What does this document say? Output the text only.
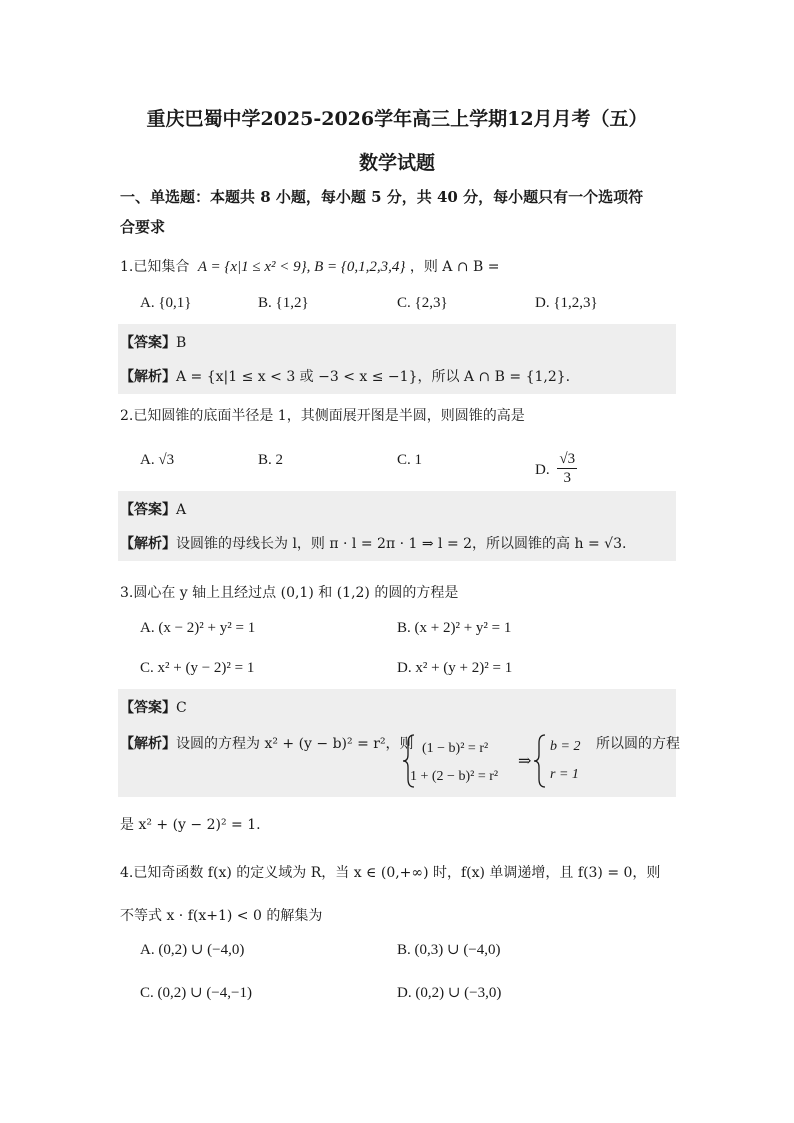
重庆巴蜀中学2025-2026学年高三上学期12月月考（五）
数学试题
一、单选题：本题共 8 小题，每小题 5 分，共 40 分，每小题只有一个选项符
合要求
1.已知集合 A = {x|1 ≤ x² < 9}, B = {0,1,2,3,4} ，则 A ∩ B =
A. {0,1}	B. {1,2}	C. {2,3}	D. {1,2,3}
【答案】B
【解析】A = {x|1 ≤ x < 3 或 −3 < x ≤ −1}，所以 A ∩ B = {1,2}.
2.已知圆锥的底面半径是 1，其侧面展开图是半圆，则圆锥的高是
A. √3	B. 2	C. 1
D. $\frac{√3}{3}$
【答案】A
【解析】设圆锥的母线长为 l，则 π · l = 2π · 1 ⇒ l = 2，所以圆锥的高 h = √3.
3.圆心在 y 轴上且经过点 (0,1) 和 (1,2) 的圆的方程是
A. (x − 2)² + y² = 1	B. (x + 2)² + y² = 1
C. x² + (y − 2)² = 1	D. x² + (y + 2)² = 1
【答案】C
【解析】设圆的方程为 x² + (y − b)² = r²，则 (1 − b)² = r²
1 + (2 − b)² = r²
⇒
b = 2
r = 1
所以圆的方程
是 x² + (y − 2)² = 1.
4.已知奇函数 f(x) 的定义域为 R，当 x ∈ (0,+∞) 时，f(x) 单调递增，且 f(3) = 0，则
不等式 x · f(x+1) < 0 的解集为
A. (0,2) ∪ (−4,0)	B. (0,3) ∪ (−4,0)
C. (0,2) ∪ (−4,−1)	D. (0,2) ∪ (−3,0)
